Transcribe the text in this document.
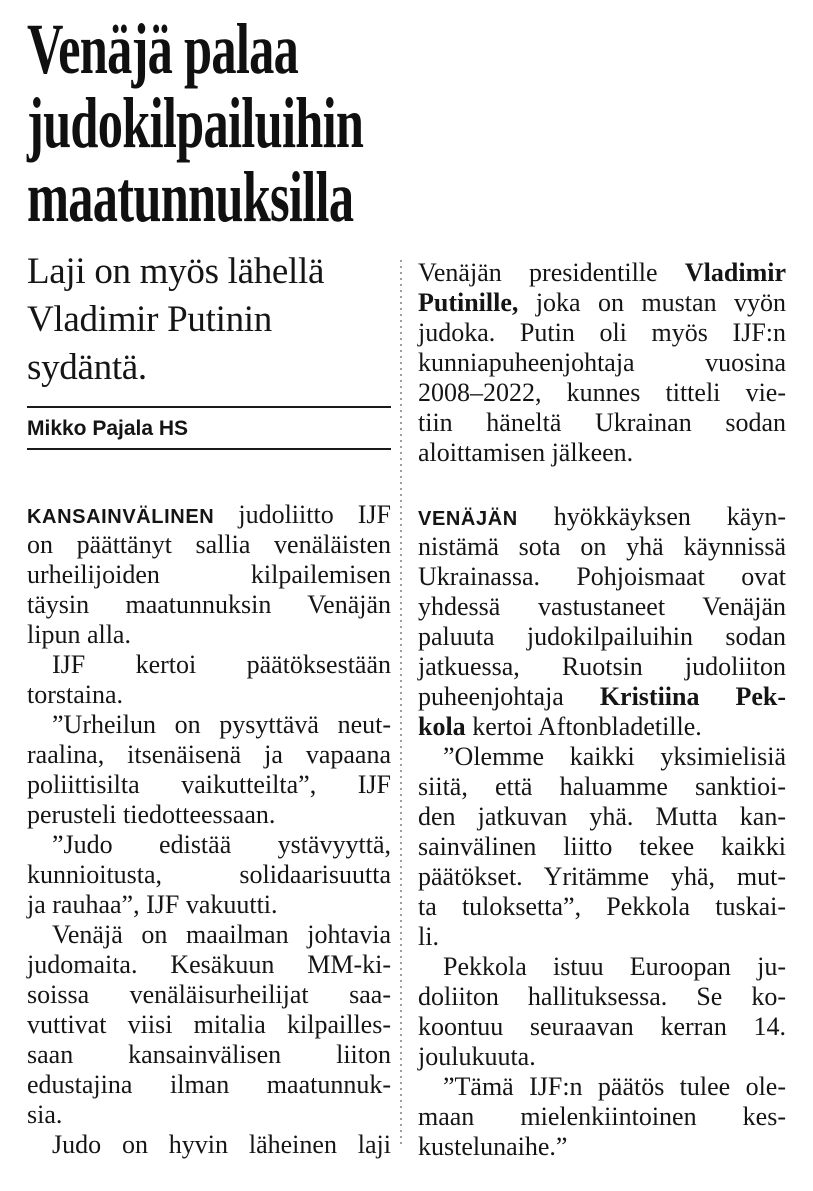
Venäjä palaa
judokilpailuihin
maatunnuksilla
Laji on myös lähellä
Vladimir Putinin
sydäntä.
Mikko Pajala HS
KANSAINVÄLINEN judoliitto IJF
on päättänyt sallia venäläisten
urheilijoiden kilpailemisen
täysin maatunnuksin Venäjän
lipun alla.
IJF kertoi päätöksestään
torstaina.
”Urheilun on pysyttävä neut-
raalina, itsenäisenä ja vapaana
poliittisilta vaikutteilta”, IJF
perusteli tiedotteessaan.
”Judo edistää ystävyyttä,
kunnioitusta, solidaarisuutta
ja rauhaa”, IJF vakuutti.
Venäjä on maailman johtavia
judomaita. Kesäkuun MM-ki-
soissa venäläisurheilijat saa-
vuttivat viisi mitalia kilpailles-
saan kansainvälisen liiton
edustajina ilman maatunnuk-
sia.
Judo on hyvin läheinen laji
Venäjän presidentille Vladimir
Putinille, joka on mustan vyön
judoka. Putin oli myös IJF:n
kunniapuheenjohtaja vuosina
2008–2022, kunnes titteli vie-
tiin häneltä Ukrainan sodan
aloittamisen jälkeen.
VENÄJÄN hyökkäyksen käyn-
nistämä sota on yhä käynnissä
Ukrainassa. Pohjoismaat ovat
yhdessä vastustaneet Venäjän
paluuta judokilpailuihin sodan
jatkuessa, Ruotsin judoliiton
puheenjohtaja Kristiina Pek-
kola kertoi Aftonbladetille.
”Olemme kaikki yksimielisiä
siitä, että haluamme sanktioi-
den jatkuvan yhä. Mutta kan-
sainvälinen liitto tekee kaikki
päätökset. Yritämme yhä, mut-
ta tuloksetta”, Pekkola tuskai-
li.
Pekkola istuu Euroopan ju-
doliiton hallituksessa. Se ko-
koontuu seuraavan kerran 14.
joulukuuta.
”Tämä IJF:n päätös tulee ole-
maan mielenkiintoinen kes-
kustelunaihe.”
